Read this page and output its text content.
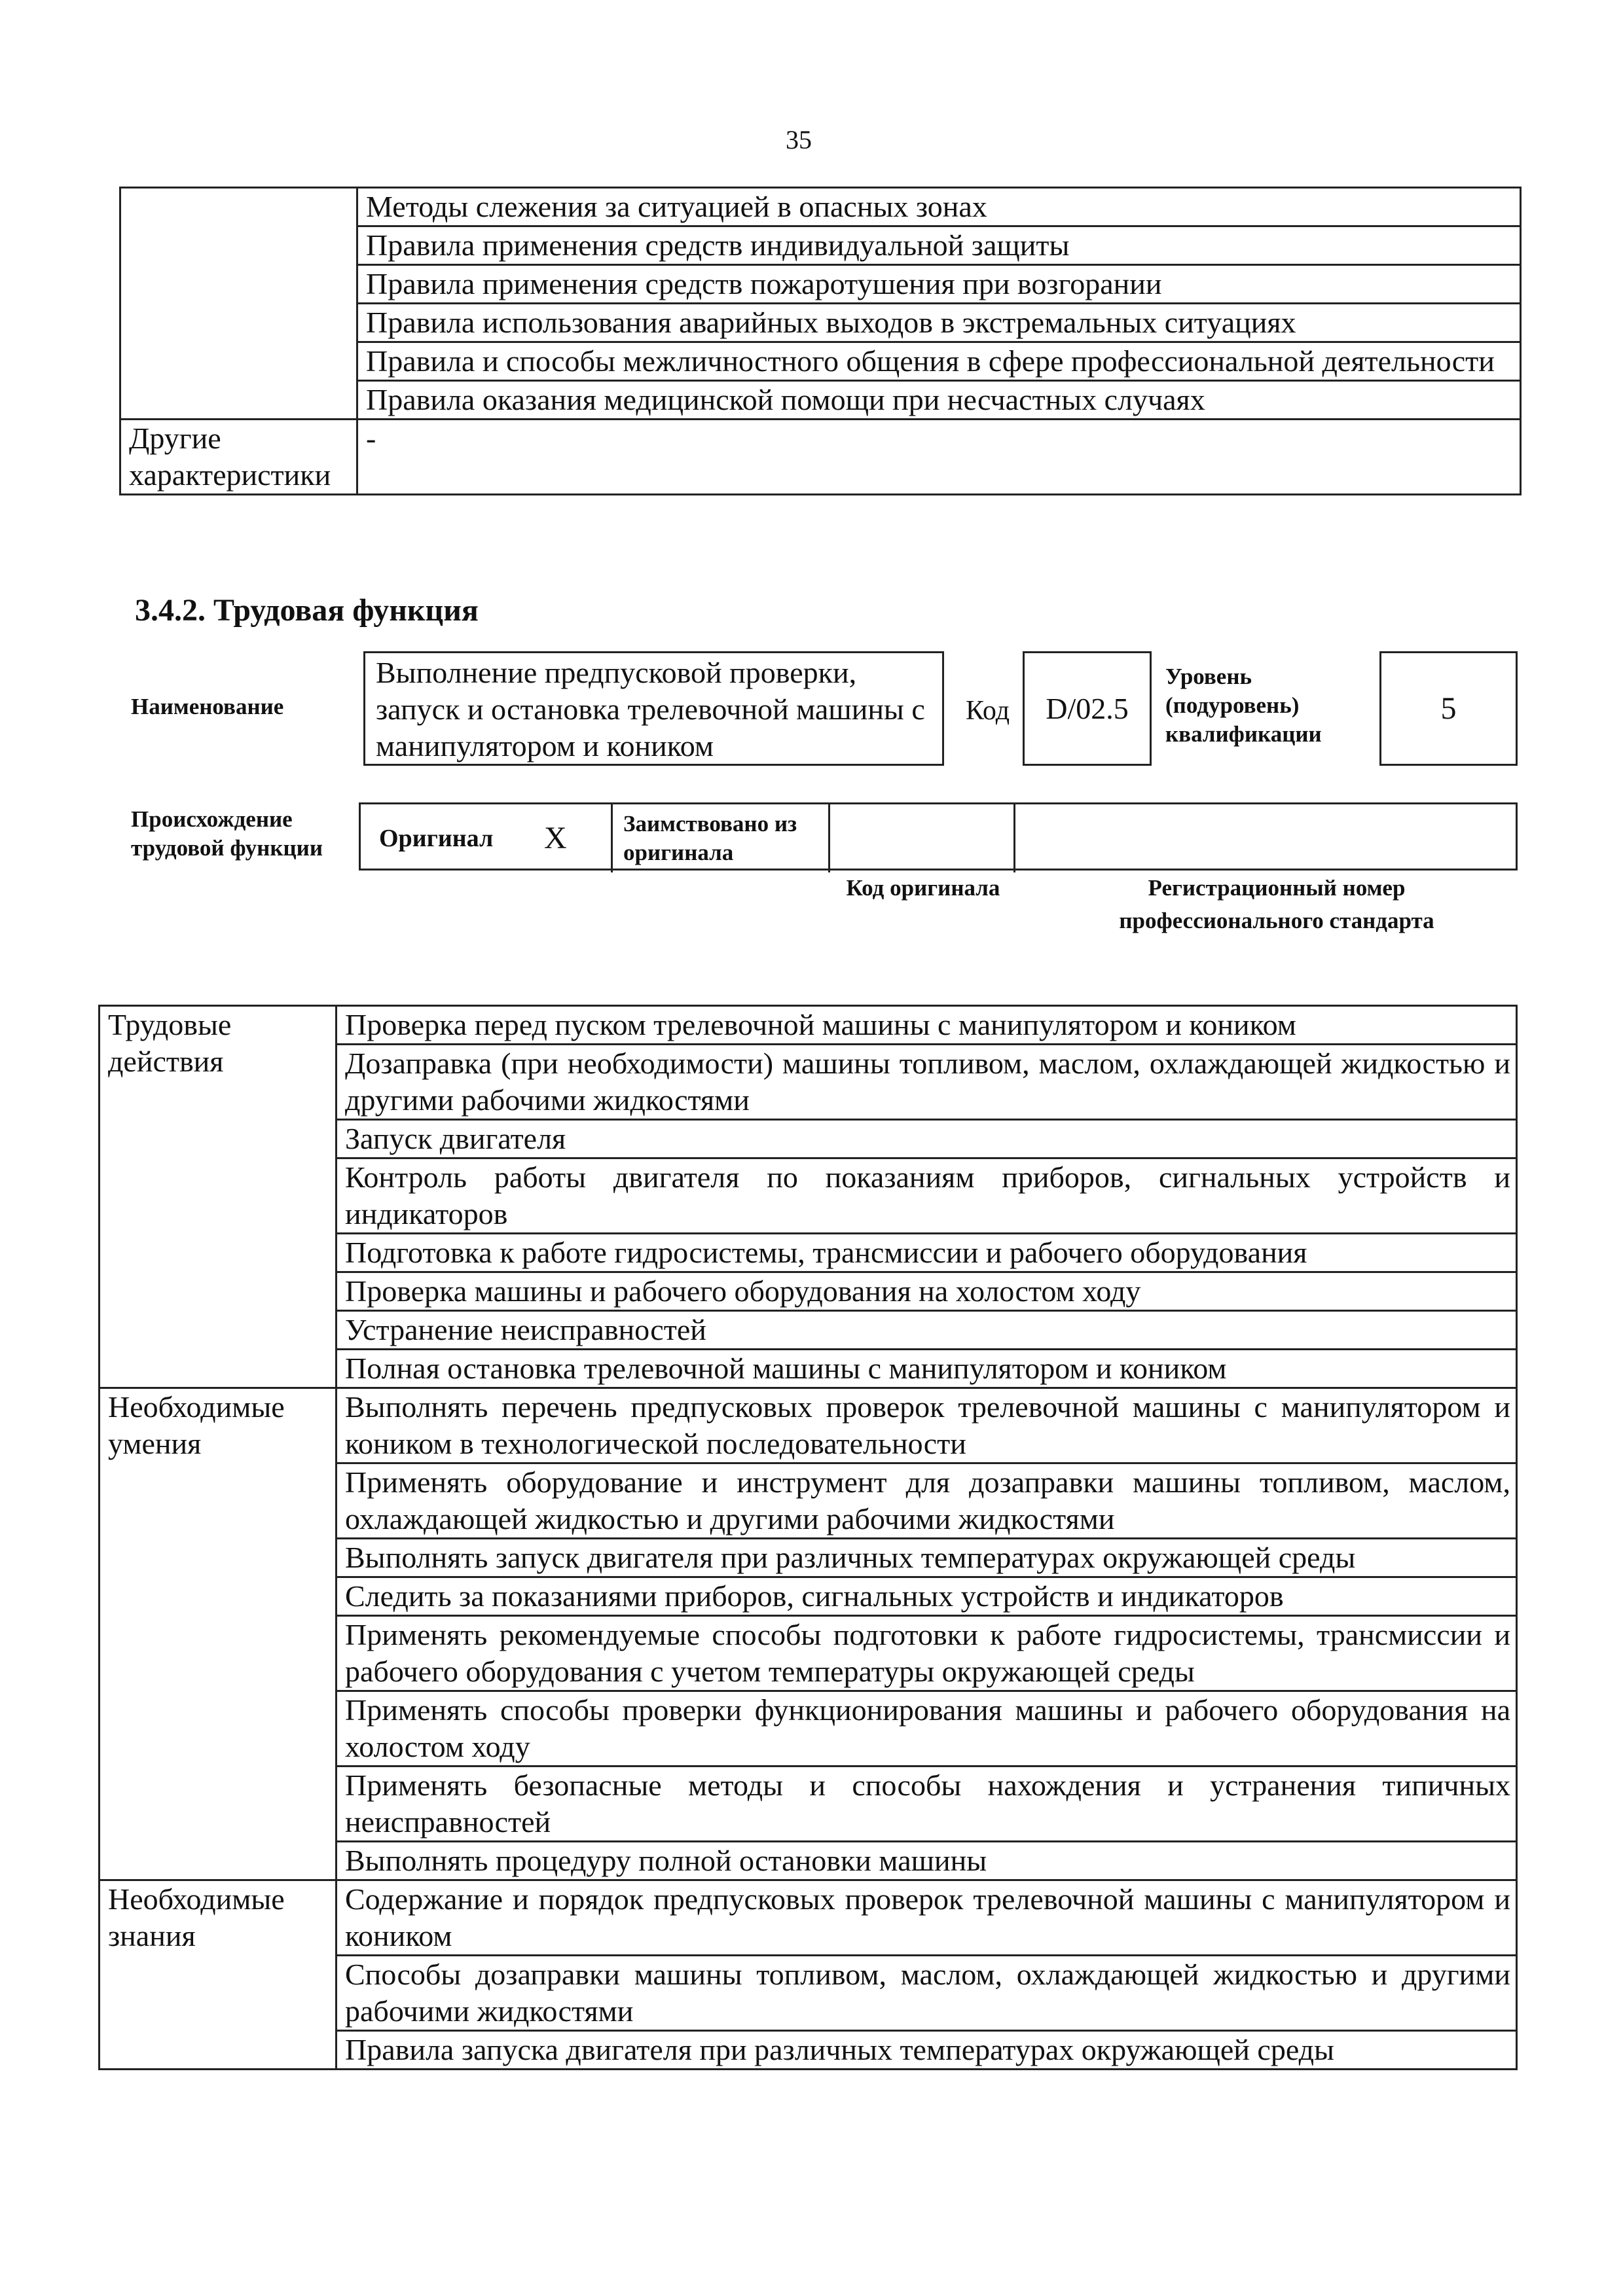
35
	Методы слежения за ситуацией в опасных зонах
	Правила применения средств индивидуальной защиты
	Правила применения средств пожаротушения при возгорании
	Правила использования аварийных выходов в экстремальных ситуациях
	Правила и способы межличностного общения в сфере профессиональной деятельности
	Правила оказания медицинской помощи при несчастных случаях
Другие характеристики	-
3.4.2. Трудовая функция
Наименование
Выполнение предпусковой проверки, запуск и остановка трелевочной машины с манипулятором и коником
Код	D/02.5
Уровень (подуровень) квалификации
5
Происхождение трудовой функции	Оригинал X Заимствовано из оригинала
Код оригинала	Регистрационный номер профессионального стандарта
Трудовые действия	Проверка перед пуском трелевочной машины с манипулятором и коником
	Дозаправка (при необходимости) машины топливом, маслом, охлаждающей жидкостью и другими рабочими жидкостями
	Запуск двигателя
	Контроль работы двигателя по показаниям приборов, сигнальных устройств и индикаторов
	Подготовка к работе гидросистемы, трансмиссии и рабочего оборудования
	Проверка машины и рабочего оборудования на холостом ходу
	Устранение неисправностей
	Полная остановка трелевочной машины с манипулятором и коником
Необходимые умения	Выполнять перечень предпусковых проверок трелевочной машины с манипулятором и коником в технологической последовательности
	Применять оборудование и инструмент для дозаправки машины топливом, маслом, охлаждающей жидкостью и другими рабочими жидкостями
	Выполнять запуск двигателя при различных температурах окружающей среды
	Следить за показаниями приборов, сигнальных устройств и индикаторов
	Применять рекомендуемые способы подготовки к работе гидросистемы, трансмиссии и рабочего оборудования с учетом температуры окружающей среды
	Применять способы проверки функционирования машины и рабочего оборудования на холостом ходу
	Применять безопасные методы и способы нахождения и устранения типичных неисправностей
	Выполнять процедуру полной остановки машины
Необходимые знания	Содержание и порядок предпусковых проверок трелевочной машины с манипулятором и коником
	Способы дозаправки машины топливом, маслом, охлаждающей жидкостью и другими рабочими жидкостями
	Правила запуска двигателя при различных температурах окружающей среды
